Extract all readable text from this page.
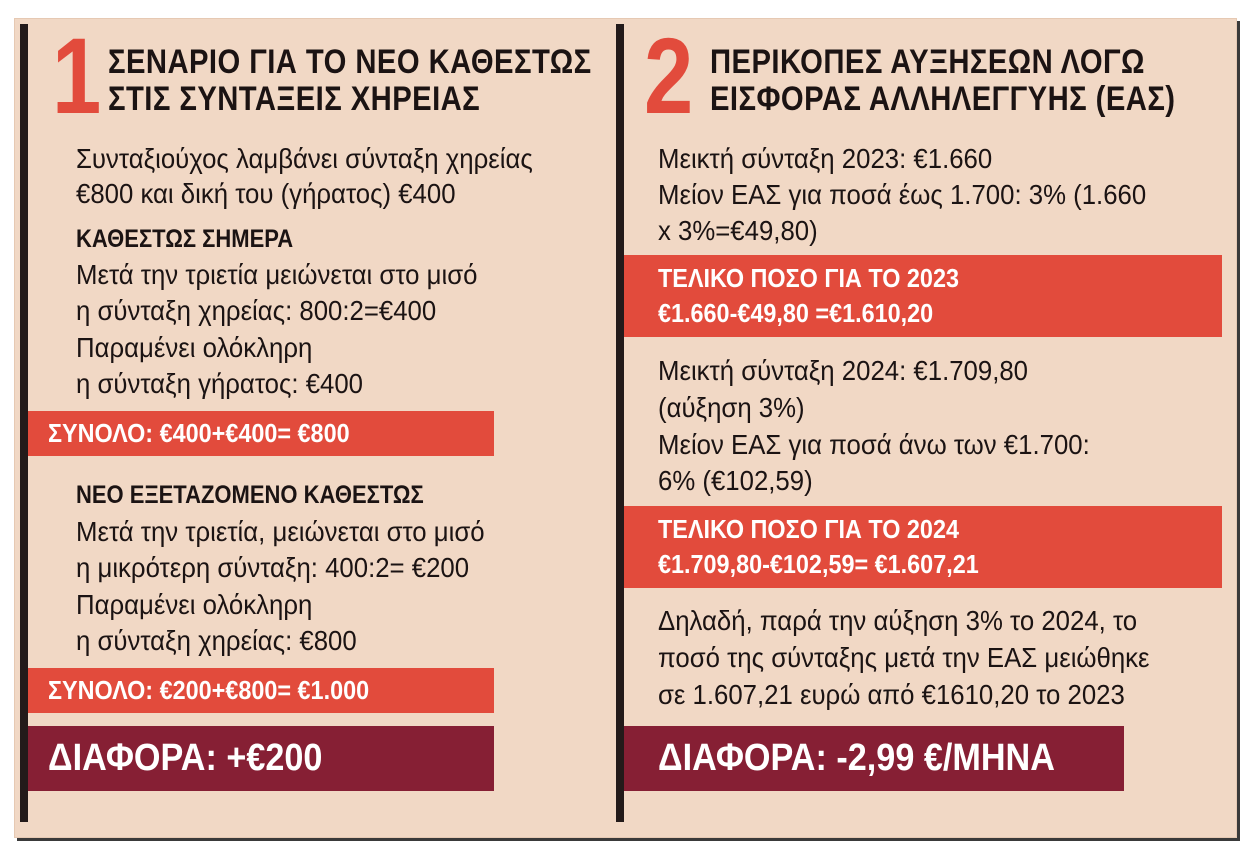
1 ΣΕΝΑΡΙΟ ΓΙΑ ΤΟ ΝΕΟ ΚΑΘΕΣΤΩΣ
ΣΤΙΣ ΣΥΝΤΑΞΕΙΣ ΧΗΡΕΙΑΣ
Συνταξιούχος λαμβάνει σύνταξη χηρείας
€800 και δική του (γήρατος) €400
ΚΑΘΕΣΤΩΣ ΣΗΜΕΡΑ
Μετά την τριετία μειώνεται στο μισό
η σύνταξη χηρείας: 800:2=€400
Παραμένει ολόκληρη
η σύνταξη γήρατος: €400
ΣΥΝΟΛΟ: €400+€400= €800
ΝΕΟ ΕΞΕΤΑΖΟΜΕΝΟ ΚΑΘΕΣΤΩΣ
Μετά την τριετία, μειώνεται στο μισό
η μικρότερη σύνταξη: 400:2= €200
Παραμένει ολόκληρη
η σύνταξη χηρείας: €800
ΣΥΝΟΛΟ: €200+€800= €1.000
ΔΙΑΦΟΡΑ: +€200
2 ΠΕΡΙΚΟΠΕΣ ΑΥΞΗΣΕΩΝ ΛΟΓΩ
ΕΙΣΦΟΡΑΣ ΑΛΛΗΛΕΓΓΥΗΣ (ΕΑΣ)
Μεικτή σύνταξη 2023: €1.660
Μείον ΕΑΣ για ποσά έως 1.700: 3% (1.660
x 3%=€49,80)
ΤΕΛΙΚΟ ΠΟΣΟ ΓΙΑ ΤΟ 2023
€1.660-€49,80 =€1.610,20
Μεικτή σύνταξη 2024: €1.709,80
(αύξηση 3%)
Μείον ΕΑΣ για ποσά άνω των €1.700:
6% (€102,59)
ΤΕΛΙΚΟ ΠΟΣΟ ΓΙΑ ΤΟ 2024
€1.709,80-€102,59= €1.607,21
Δηλαδή, παρά την αύξηση 3% το 2024, το
ποσό της σύνταξης μετά την ΕΑΣ μειώθηκε
σε 1.607,21 ευρώ από €1610,20 το 2023
ΔΙΑΦΟΡΑ: -2,99 €/ΜΗΝΑ
